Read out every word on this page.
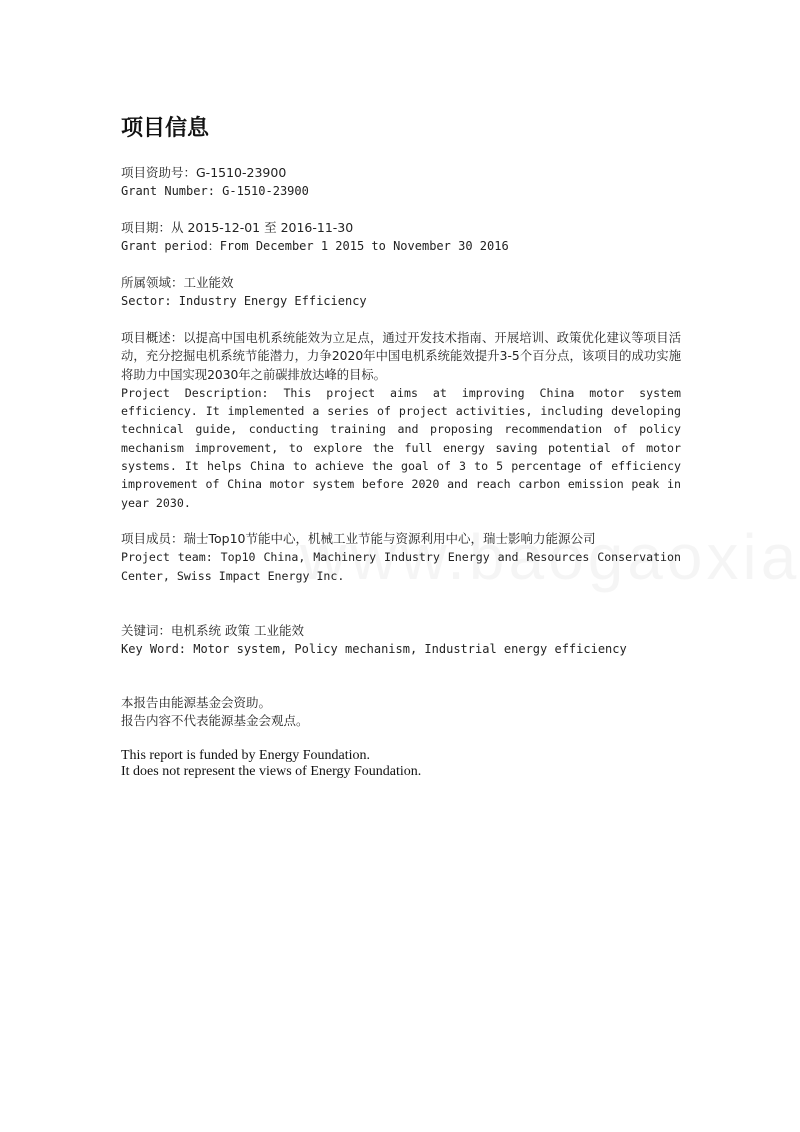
项目信息
项目资助号：G-1510-23900
Grant Number: G-1510-23900
项目期：从 2015-12-01 至 2016-11-30
Grant period：From December 1 2015 to November 30 2016
所属领域：工业能效
Sector: Industry Energy Efficiency
项目概述：以提高中国电机系统能效为立足点，通过开发技术指南、开展培训、政策优化建议等项目活动，充分挖掘电机系统节能潜力，力争2020年中国电机系统能效提升3-5个百分点，该项目的成功实施将助力中国实现2030年之前碳排放达峰的目标。
Project Description: This project aims at improving China motor system efficiency. It implemented a series of project activities, including developing technical guide, conducting training and proposing recommendation of policy mechanism improvement, to explore the full energy saving potential of motor systems. It helps China to achieve the goal of 3 to 5 percentage of efficiency improvement of China motor system before 2020 and reach carbon emission peak in year 2030.
项目成员：瑞士Top10节能中心，机械工业节能与资源利用中心，瑞士影响力能源公司
Project team: Top10 China, Machinery Industry Energy and Resources Conservation Center, Swiss Impact Energy Inc.
关键词：电机系统 政策 工业能效
Key Word: Motor system, Policy mechanism, Industrial energy efficiency
本报告由能源基金会资助。
报告内容不代表能源基金会观点。
This report is funded by Energy Foundation.
It does not represent the views of Energy Foundation.
